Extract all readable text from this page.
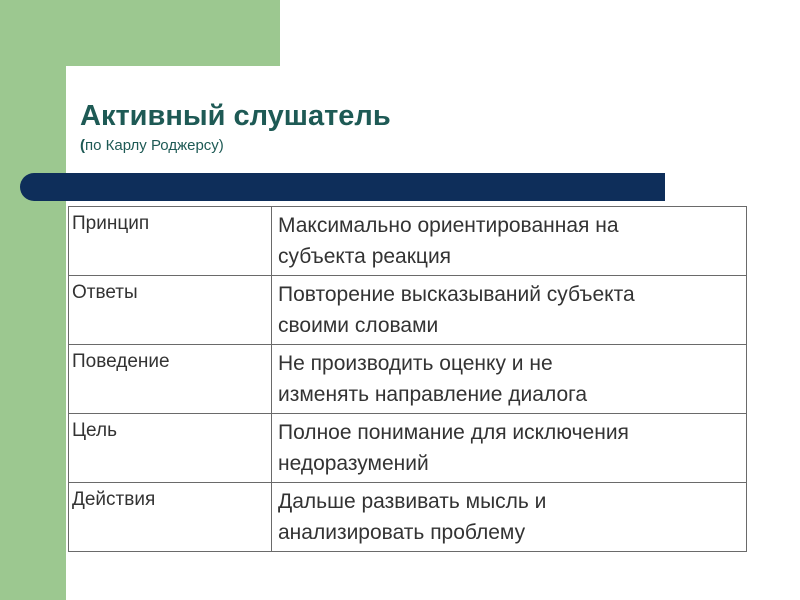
Активный слушатель

(по Карлу Роджерсу)

Принцип	Максимально ориентированная на
субъекта реакция
Ответы	Повторение высказываний субъекта
своими словами
Поведение	Не производить оценку и не
изменять направление диалога
Цель	Полное понимание для исключения
недоразумений
Действия	Дальше развивать мысль и
анализировать проблему
